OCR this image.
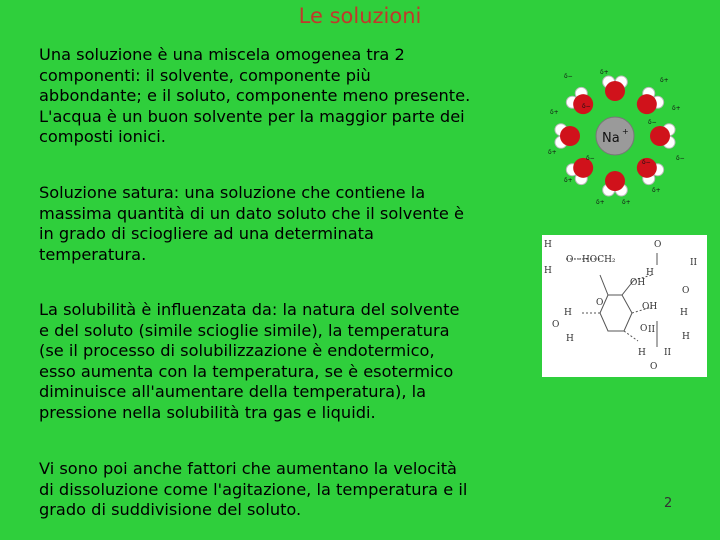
Le soluzioni
Una soluzione è una miscela omogenea tra 2
componenti: il solvente, componente più
abbondante; e il soluto, componente meno presente.
L'acqua è un buon solvente per la maggior parte dei
composti ionici.
Soluzione satura: una soluzione che contiene la
massima quantità di un dato soluto che il solvente è
in grado di sciogliere ad una determinata
temperatura.
La solubilità è influenzata da: la natura del solvente
e del soluto (simile scioglie simile), la temperatura
(se il processo di solubilizzazione è endotermico,
esso aumenta con la temperatura, se è esotermico
diminuisce all'aumentare della temperatura), la
pressione nella solubilità tra gas e liquidi.
Vi sono poi anche fattori che aumentano la velocità
di dissoluzione come l'agitazione, la temperatura e il
grado di suddivisione del soluto.
Na +
δ−
δ+
δ+
δ+
δ+
δ+
δ−
δ+
δ+
δ+	δ+
δ−
δ−
δ−
δ−
H
O···HOCH₂
H
O
II
O
OH
H
OH
O
H
O
H
O II
H
H
H II
O
2
